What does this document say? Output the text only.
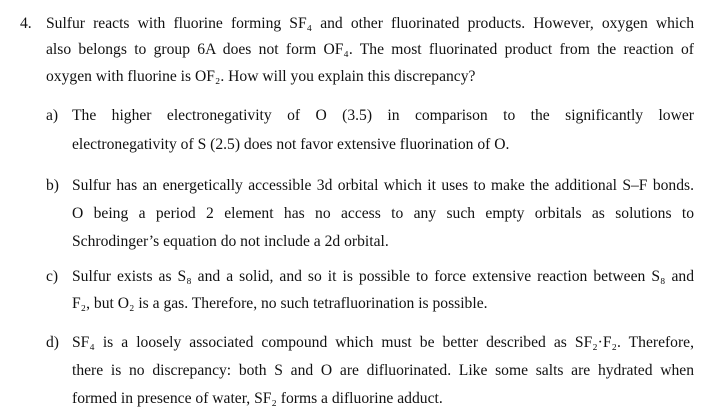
4. Sulfur reacts with fluorine forming SF₄ and other fluorinated products. However, oxygen which
also belongs to group 6A does not form OF₄. The most fluorinated product from the reaction of
oxygen with fluorine is OF₂. How will you explain this discrepancy?
a) The higher electronegativity of O (3.5) in comparison to the significantly lower
electronegativity of S (2.5) does not favor extensive fluorination of O.
b) Sulfur has an energetically accessible 3d orbital which it uses to make the additional S–F bonds.
O being a period 2 element has no access to any such empty orbitals as solutions to
Schrodinger’s equation do not include a 2d orbital.
c) Sulfur exists as S₈ and a solid, and so it is possible to force extensive reaction between S₈ and
F₂, but O₂ is a gas. Therefore, no such tetrafluorination is possible.
d) SF₄ is a loosely associated compound which must be better described as SF₂·F₂. Therefore,
there is no discrepancy: both S and O are difluorinated. Like some salts are hydrated when
formed in presence of water, SF₂ forms a difluorine adduct.
